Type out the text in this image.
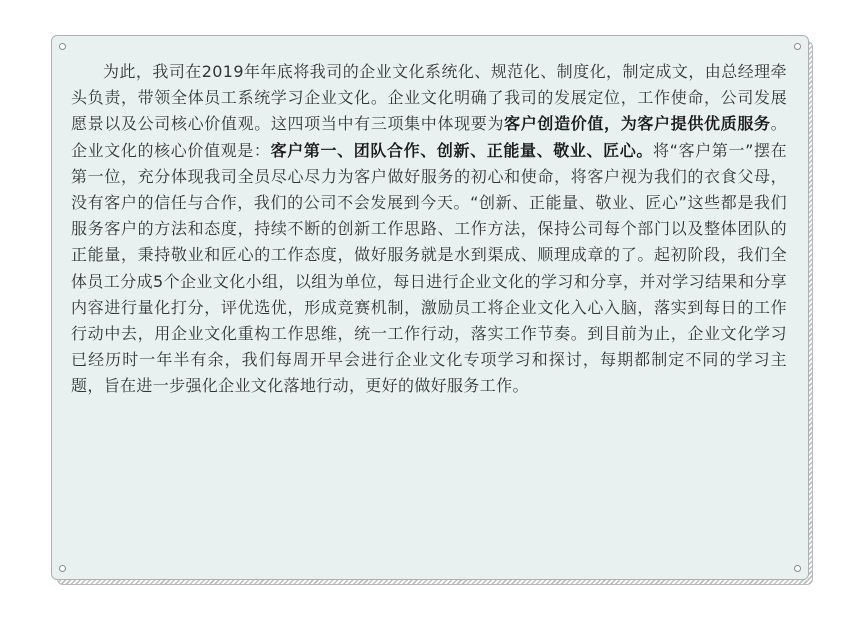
为此，我司在2019年年底将我司的企业文化系统化、规范化、制度化，制定成文，由总经理牵头负责，带领全体员工系统学习企业文化。企业文化明确了我司的发展定位，工作使命，公司发展愿景以及公司核心价值观。这四项当中有三项集中体现要为客户创造价值，为客户提供优质服务。企业文化的核心价值观是：客户第一、团队合作、创新、正能量、敬业、匠心。将“客户第一”摆在第一位，充分体现我司全员尽心尽力为客户做好服务的初心和使命，将客户视为我们的衣食父母，没有客户的信任与合作，我们的公司不会发展到今天。“创新、正能量、敬业、匠心”这些都是我们服务客户的方法和态度，持续不断的创新工作思路、工作方法，保持公司每个部门以及整体团队的正能量，秉持敬业和匠心的工作态度，做好服务就是水到渠成、顺理成章的了。起初阶段，我们全体员工分成5个企业文化小组，以组为单位，每日进行企业文化的学习和分享，并对学习结果和分享内容进行量化打分，评优选优，形成竞赛机制，激励员工将企业文化入心入脑，落实到每日的工作行动中去，用企业文化重构工作思维，统一工作行动，落实工作节奏。到目前为止，企业文化学习已经历时一年半有余，我们每周开早会进行企业文化专项学习和探讨，每期都制定不同的学习主题，旨在进一步强化企业文化落地行动，更好的做好服务工作。
